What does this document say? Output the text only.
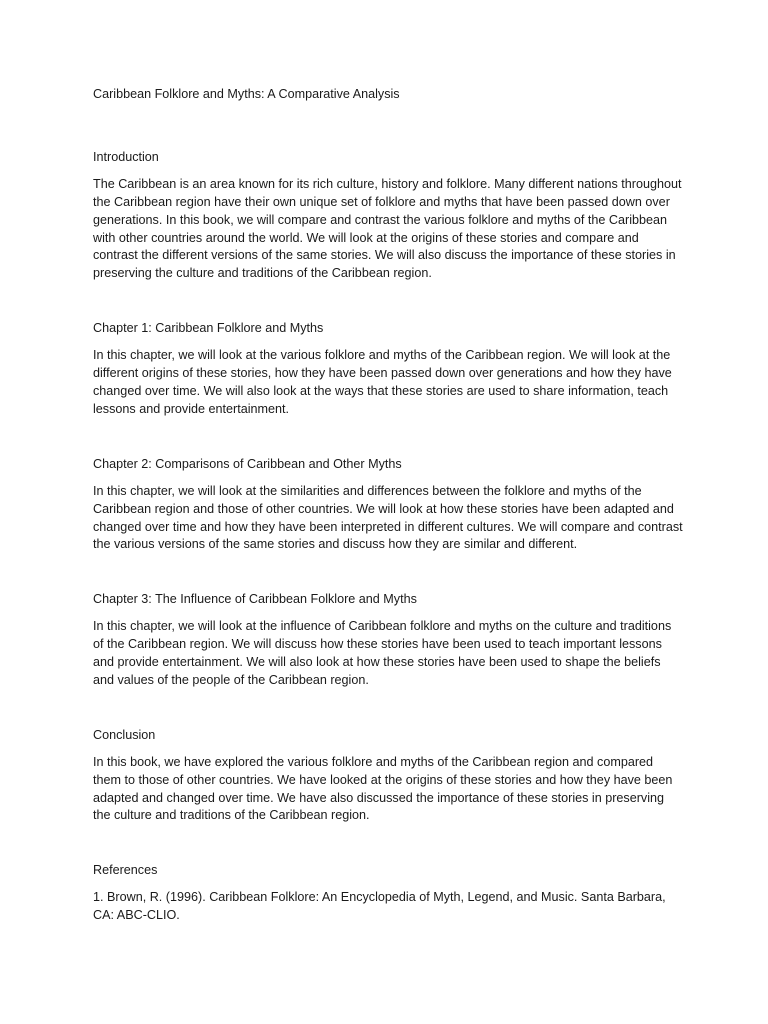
Caribbean Folklore and Myths: A Comparative Analysis
Introduction

The Caribbean is an area known for its rich culture, history and folklore. Many different nations throughout the Caribbean region have their own unique set of folklore and myths that have been passed down over generations. In this book, we will compare and contrast the various folklore and myths of the Caribbean with other countries around the world. We will look at the origins of these stories and compare and contrast the different versions of the same stories. We will also discuss the importance of these stories in preserving the culture and traditions of the Caribbean region.

Chapter 1: Caribbean Folklore and Myths

In this chapter, we will look at the various folklore and myths of the Caribbean region. We will look at the different origins of these stories, how they have been passed down over generations and how they have changed over time. We will also look at the ways that these stories are used to share information, teach lessons and provide entertainment.

Chapter 2: Comparisons of Caribbean and Other Myths

In this chapter, we will look at the similarities and differences between the folklore and myths of the Caribbean region and those of other countries. We will look at how these stories have been adapted and changed over time and how they have been interpreted in different cultures. We will compare and contrast the various versions of the same stories and discuss how they are similar and different.

Chapter 3: The Influence of Caribbean Folklore and Myths

In this chapter, we will look at the influence of Caribbean folklore and myths on the culture and traditions of the Caribbean region. We will discuss how these stories have been used to teach important lessons and provide entertainment. We will also look at how these stories have been used to shape the beliefs and values of the people of the Caribbean region.

Conclusion

In this book, we have explored the various folklore and myths of the Caribbean region and compared them to those of other countries. We have looked at the origins of these stories and how they have been adapted and changed over time. We have also discussed the importance of these stories in preserving the culture and traditions of the Caribbean region.

References

1. Brown, R. (1996). Caribbean Folklore: An Encyclopedia of Myth, Legend, and Music. Santa Barbara, CA: ABC-CLIO.
